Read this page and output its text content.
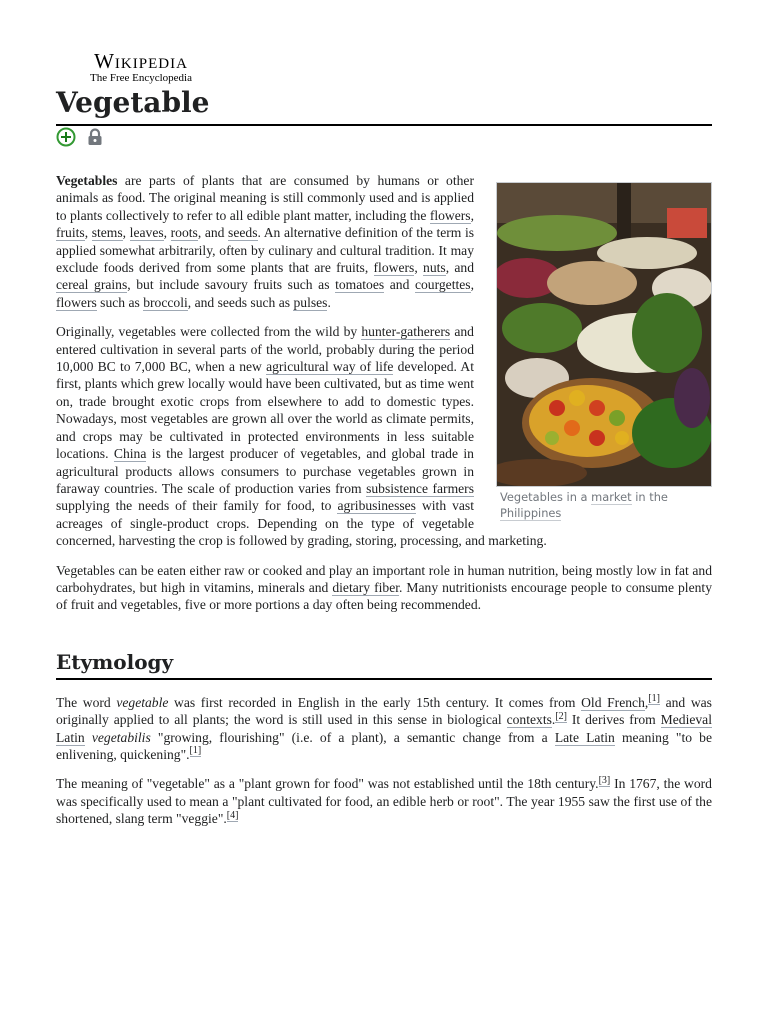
Wikipedia
The Free Encyclopedia
Vegetable
Vegetables in a market in the Philippines

Vegetables are parts of plants that are consumed by humans or other animals as food. The original meaning is still commonly used and is applied to plants collectively to refer to all edible plant matter, including the flowers, fruits, stems, leaves, roots, and seeds. An alternative definition of the term is applied somewhat arbitrarily, often by culinary and cultural tradition. It may exclude foods derived from some plants that are fruits, flowers, nuts, and cereal grains, but include savoury fruits such as tomatoes and courgettes, flowers such as broccoli, and seeds such as pulses.

Originally, vegetables were collected from the wild by hunter-gatherers and entered cultivation in several parts of the world, probably during the period 10,000 BC to 7,000 BC, when a new agricultural way of life developed. At first, plants which grew locally would have been cultivated, but as time went on, trade brought exotic crops from elsewhere to add to domestic types. Nowadays, most vegetables are grown all over the world as climate permits, and crops may be cultivated in protected environments in less suitable locations. China is the largest producer of vegetables, and global trade in agricultural products allows consumers to purchase vegetables grown in faraway countries. The scale of production varies from subsistence farmers supplying the needs of their family for food, to agribusinesses with vast acreages of single-product crops. Depending on the type of vegetable concerned, harvesting the crop is followed by grading, storing, processing, and marketing.

Vegetables can be eaten either raw or cooked and play an important role in human nutrition, being mostly low in fat and carbohydrates, but high in vitamins, minerals and dietary fiber. Many nutritionists encourage people to consume plenty of fruit and vegetables, five or more portions a day often being recommended.

Etymology

The word vegetable was first recorded in English in the early 15th century. It comes from Old French,[1] and was originally applied to all plants; the word is still used in this sense in biological contexts.[2] It derives from Medieval Latin vegetabilis "growing, flourishing" (i.e. of a plant), a semantic change from a Late Latin meaning "to be enlivening, quickening".[1]

The meaning of "vegetable" as a "plant grown for food" was not established until the 18th century.[3] In 1767, the word was specifically used to mean a "plant cultivated for food, an edible herb or root". The year 1955 saw the first use of the shortened, slang term "veggie".[4]
